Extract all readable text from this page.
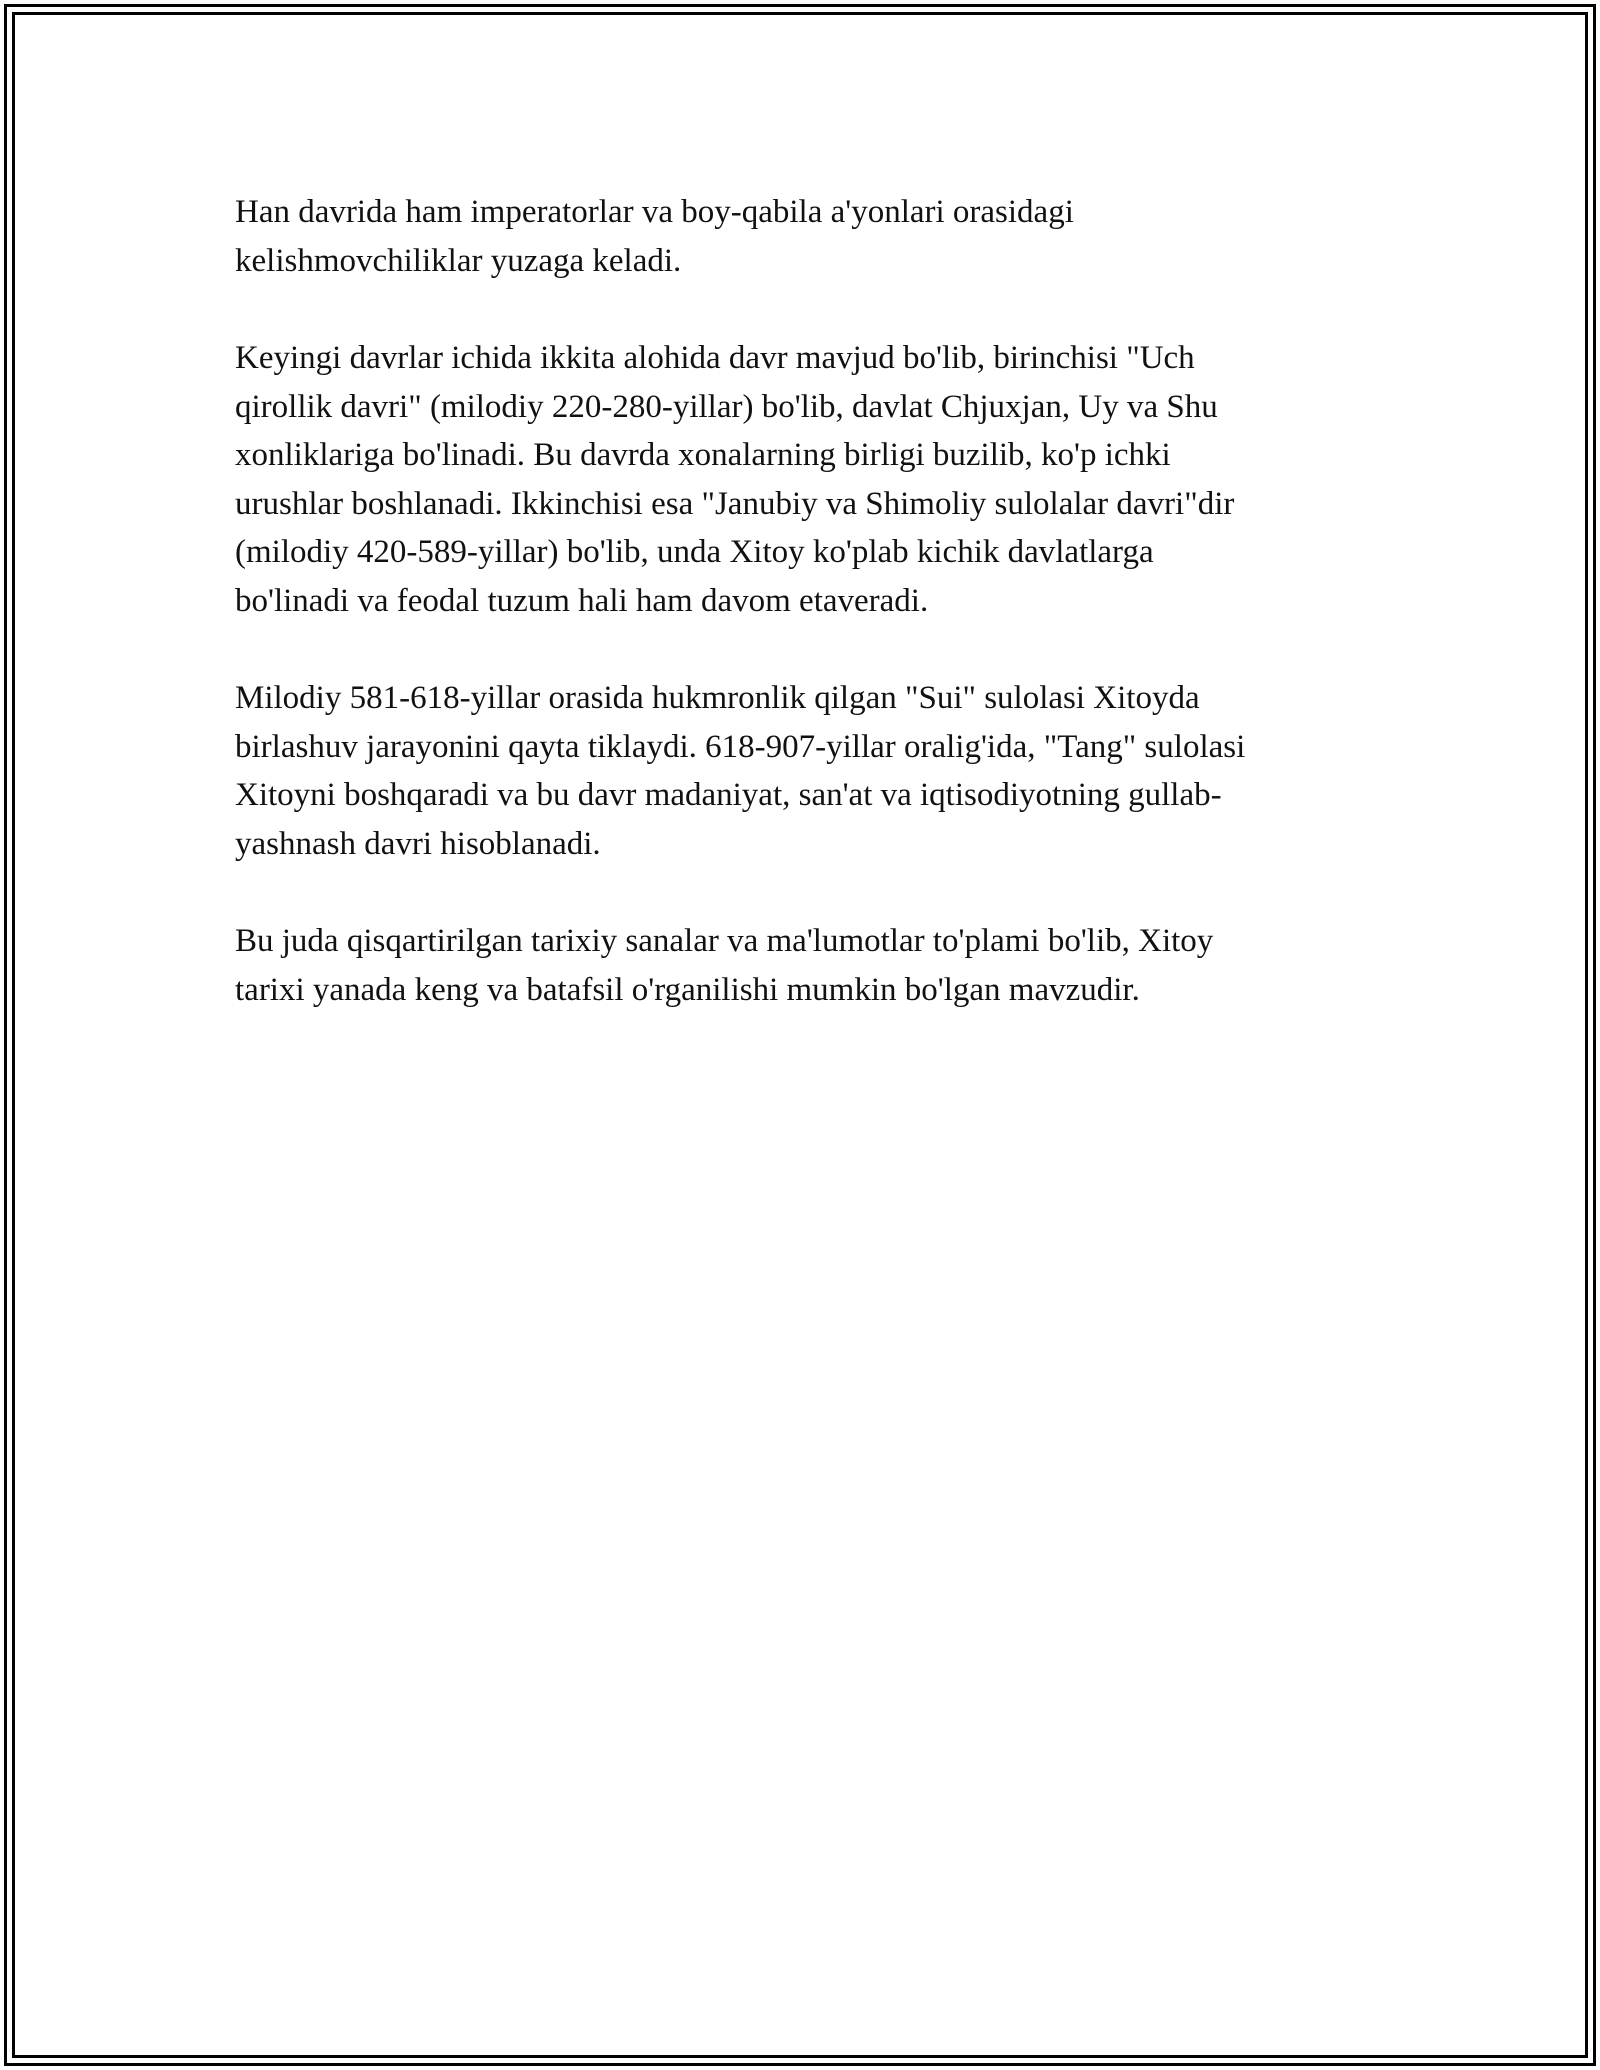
Han davrida ham imperatorlar va boy-qabila a'yonlari orasidagi
kelishmovchiliklar yuzaga keladi.

Keyingi davrlar ichida ikkita alohida davr mavjud bo'lib, birinchisi "Uch
qirollik davri" (milodiy 220-280-yillar) bo'lib, davlat Chjuxjan, Uy va Shu
xonliklariga bo'linadi. Bu davrda xonalarning birligi buzilib, ko'p ichki
urushlar boshlanadi. Ikkinchisi esa "Janubiy va Shimoliy sulolalar davri"dir
(milodiy 420-589-yillar) bo'lib, unda Xitoy ko'plab kichik davlatlarga
bo'linadi va feodal tuzum hali ham davom etaveradi.

Milodiy 581-618-yillar orasida hukmronlik qilgan "Sui" sulolasi Xitoyda
birlashuv jarayonini qayta tiklaydi. 618-907-yillar oralig'ida, "Tang" sulolasi
Xitoyni boshqaradi va bu davr madaniyat, san'at va iqtisodiyotning gullab-
yashnash davri hisoblanadi.

Bu juda qisqartirilgan tarixiy sanalar va ma'lumotlar to'plami bo'lib, Xitoy
tarixi yanada keng va batafsil o'rganilishi mumkin bo'lgan mavzudir.
